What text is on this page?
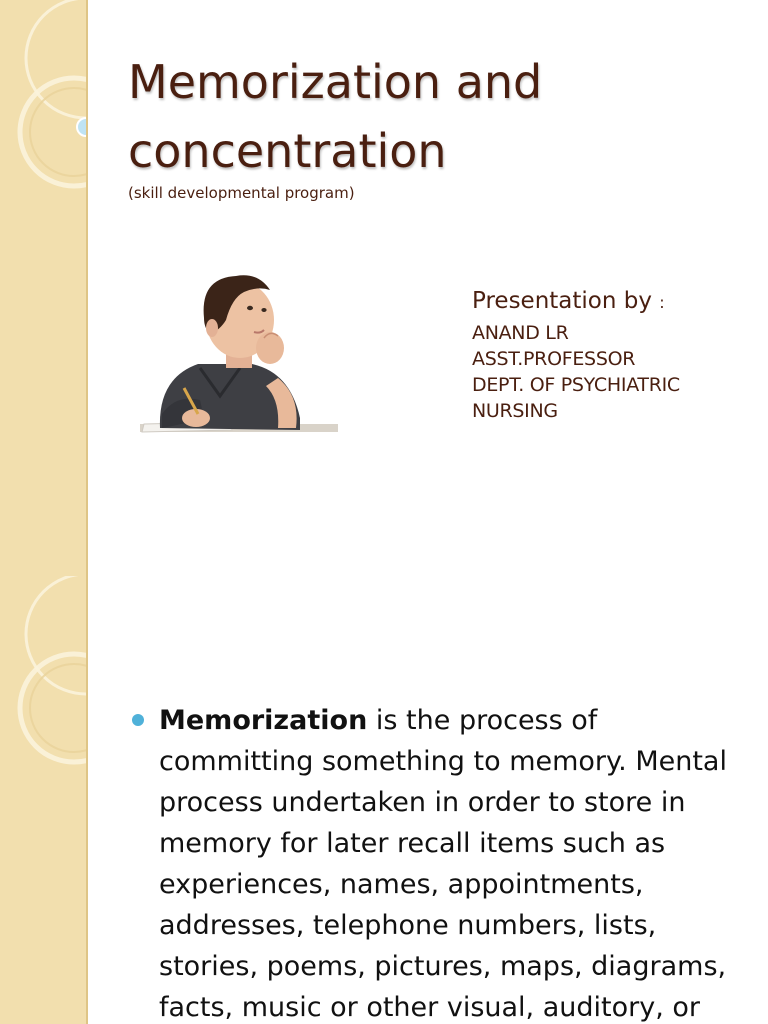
Memorization and concentration

(skill developmental program)

Presentation by :

ANAND LR

ASST.PROFESSOR

DEPT. OF PSYCHIATRIC NURSING

Memorization is the process of committing something to memory. Mental process undertaken in order to store in memory for later recall items such as experiences, names, appointments, addresses, telephone numbers, lists, stories, poems, pictures, maps, diagrams, facts, music or other visual, auditory, or
